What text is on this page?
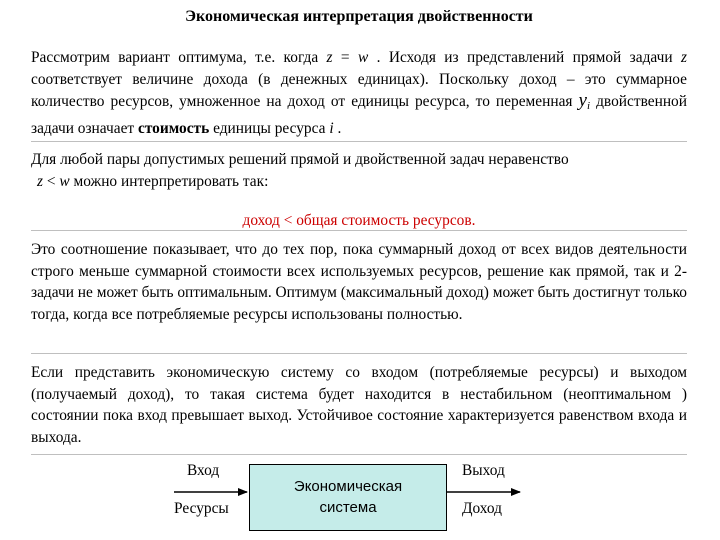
Экономическая интерпретация двойственности
Рассмотрим вариант оптимума, т.е. когда z = w . Исходя из представлений прямой задачи z соответствует величине дохода (в денежных единицах). Поскольку доход – это суммарное количество ресурсов, умноженное на доход от единицы ресурса, то переменная $y_i$ двойственной задачи означает стоимость единицы ресурса i .
Для любой пары допустимых решений прямой и двойственной задач неравенство
z < w можно интерпретировать так:
доход < общая стоимость ресурсов.
Это соотношение показывает, что до тех пор, пока суммарный доход от всех видов деятельности строго меньше суммарной стоимости всех используемых ресурсов, решение как прямой, так и 2-задачи не может быть оптимальным. Оптимум (максимальный доход) может быть достигнут только тогда, когда все потребляемые ресурсы использованы полностью.
Если представить экономическую систему со входом (потребляемые ресурсы) и выходом (получаемый доход), то такая система будет находится в нестабильном (неоптимальном ) состоянии пока вход превышает выход. Устойчивое состояние характеризуется равенством входа и выхода.
Вход
Ресурсы
Экономическая
система
Выход
Доход
